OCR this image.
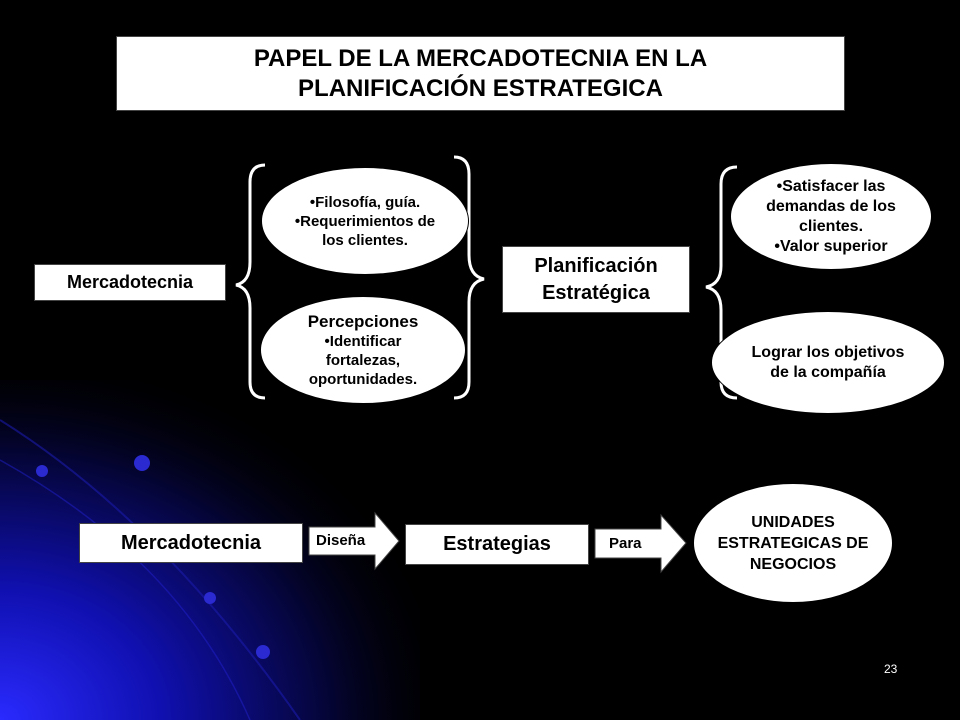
PAPEL DE LA MERCADOTECNIA EN LA
PLANIFICACIÓN ESTRATEGICA
Mercadotecnia
•Filosofía, guía.
•Requerimientos de
los clientes.
Percepciones
•Identificar
fortalezas,
oportunidades.
Planificación
Estratégica
•Satisfacer las
demandas de los
clientes.
•Valor superior
Lograr los objetivos
de la compañía
Mercadotecnia	Diseña	Estrategias	Para
UNIDADES
ESTRATEGICAS DE
NEGOCIOS
23
